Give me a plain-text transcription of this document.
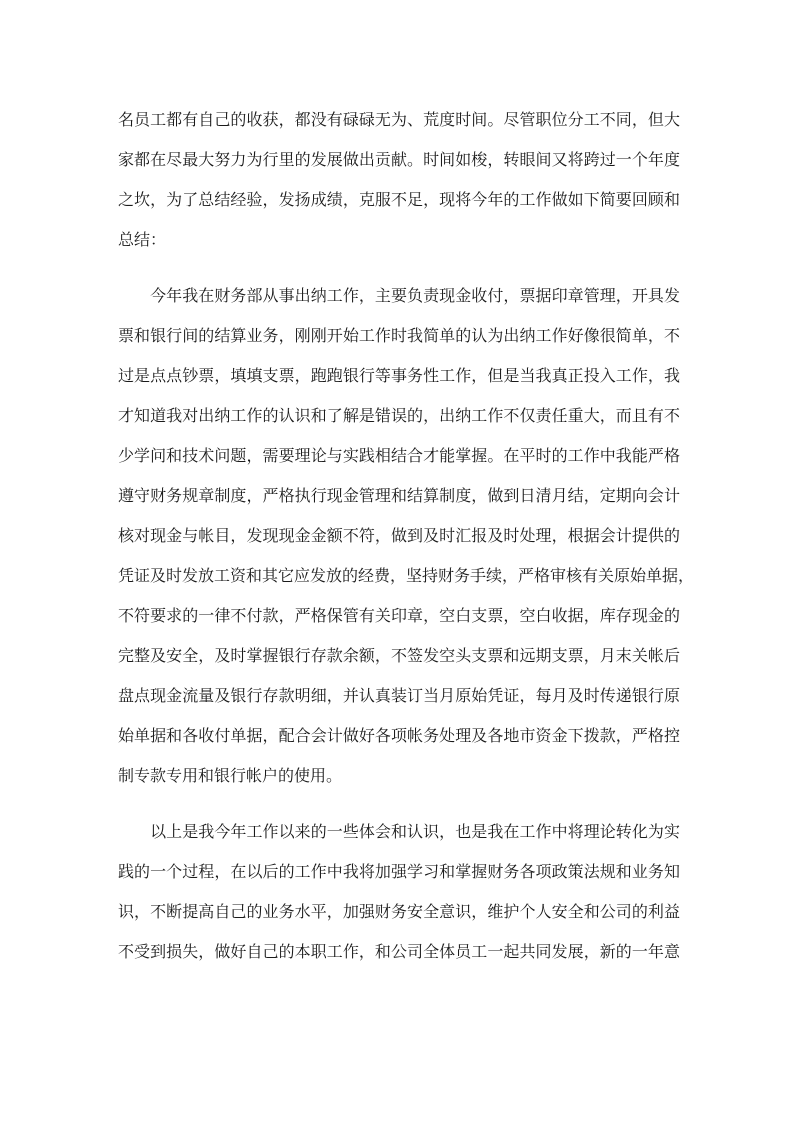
名员工都有自己的收获，都没有碌碌无为、荒度时间。尽管职位分工不同，但大
家都在尽最大努力为行里的发展做出贡献。时间如梭，转眼间又将跨过一个年度
之坎，为了总结经验，发扬成绩，克服不足，现将今年的工作做如下简要回顾和
总结：
　　今年我在财务部从事出纳工作，主要负责现金收付，票据印章管理，开具发
票和银行间的结算业务，刚刚开始工作时我简单的认为出纳工作好像很简单，不
过是点点钞票，填填支票，跑跑银行等事务性工作，但是当我真正投入工作，我
才知道我对出纳工作的认识和了解是错误的，出纳工作不仅责任重大，而且有不
少学问和技术问题，需要理论与实践相结合才能掌握。在平时的工作中我能严格
遵守财务规章制度，严格执行现金管理和结算制度，做到日清月结，定期向会计
核对现金与帐目，发现现金金额不符，做到及时汇报及时处理，根据会计提供的
凭证及时发放工资和其它应发放的经费，坚持财务手续，严格审核有关原始单据，
不符要求的一律不付款，严格保管有关印章，空白支票，空白收据，库存现金的
完整及安全，及时掌握银行存款余额，不签发空头支票和远期支票，月末关帐后
盘点现金流量及银行存款明细，并认真装订当月原始凭证，每月及时传递银行原
始单据和各收付单据，配合会计做好各项帐务处理及各地市资金下拨款，严格控
制专款专用和银行帐户的使用。
　　以上是我今年工作以来的一些体会和认识，也是我在工作中将理论转化为实
践的一个过程，在以后的工作中我将加强学习和掌握财务各项政策法规和业务知
识，不断提高自己的业务水平，加强财务安全意识，维护个人安全和公司的利益
不受到损失，做好自己的本职工作，和公司全体员工一起共同发展，新的一年意
